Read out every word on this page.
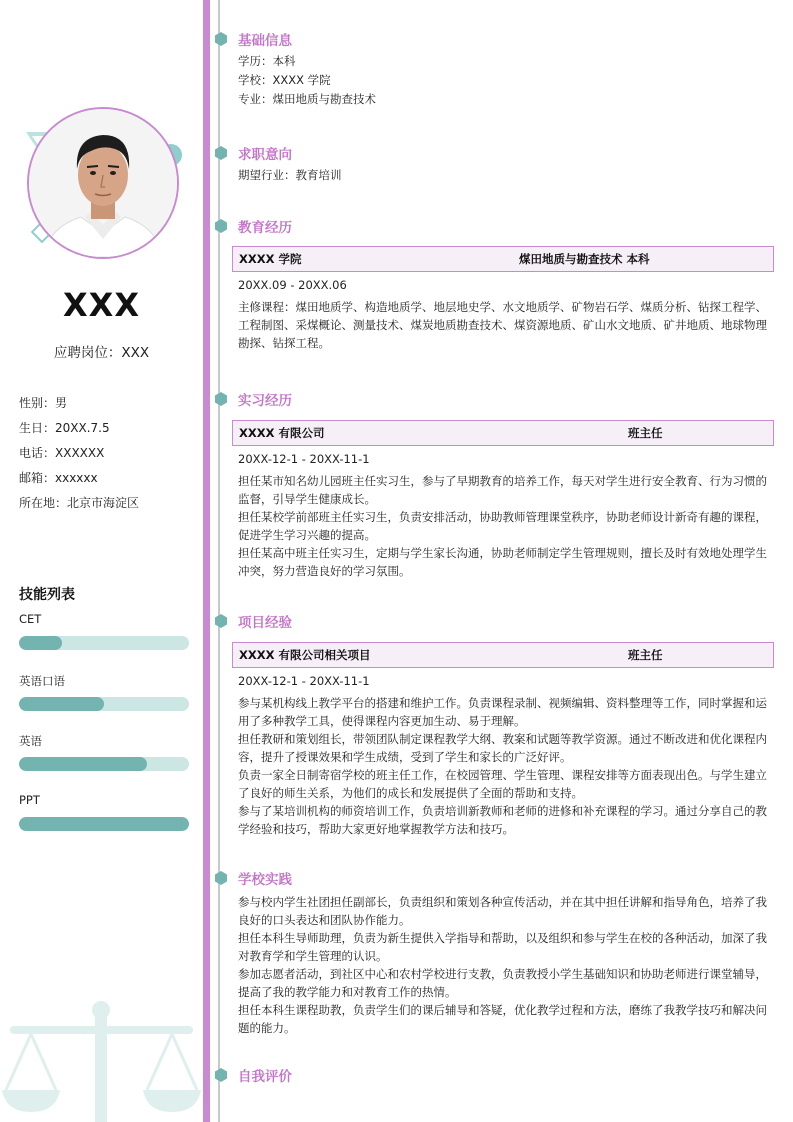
XXX
应聘岗位：XXX
性别：男
生日：20XX.7.5
电话：XXXXXX
邮箱：xxxxxx
所在地：北京市海淀区
技能列表
CET
英语口语
英语
PPT
基础信息
学历：本科
学校：XXXX 学院
专业：煤田地质与勘查技术
求职意向
期望行业：教育培训
教育经历
XXXX 学院	煤田地质与勘查技术 本科
20XX.09 - 20XX.06
主修课程：煤田地质学、构造地质学、地层地史学、水文地质学、矿物岩石学、煤质分析、钻探工程学、工程制图、采煤概论、测量技术、煤炭地质勘查技术、煤资源地质、矿山水文地质、矿井地质、地球物理勘探、钻探工程。
实习经历
XXXX 有限公司	班主任
20XX-12-1 - 20XX-11-1
担任某市知名幼儿园班主任实习生，参与了早期教育的培养工作，每天对学生进行安全教育、行为习惯的监督，引导学生健康成长。
担任某校学前部班主任实习生，负责安排活动，协助教师管理课堂秩序，协助老师设计新奇有趣的课程，促进学生学习兴趣的提高。
担任某高中班主任实习生，定期与学生家长沟通，协助老师制定学生管理规则，擅长及时有效地处理学生冲突，努力营造良好的学习氛围。
项目经验
XXXX 有限公司相关项目	班主任
20XX-12-1 - 20XX-11-1
参与某机构线上教学平台的搭建和维护工作。负责课程录制、视频编辑、资料整理等工作，同时掌握和运用了多种教学工具，使得课程内容更加生动、易于理解。
担任教研和策划组长，带领团队制定课程教学大纲、教案和试题等教学资源。通过不断改进和优化课程内容，提升了授课效果和学生成绩，受到了学生和家长的广泛好评。
负责一家全日制寄宿学校的班主任工作，在校园管理、学生管理、课程安排等方面表现出色。与学生建立了良好的师生关系，为他们的成长和发展提供了全面的帮助和支持。
参与了某培训机构的师资培训工作，负责培训新教师和老师的进修和补充课程的学习。通过分享自己的教学经验和技巧，帮助大家更好地掌握教学方法和技巧。
学校实践
参与校内学生社团担任副部长，负责组织和策划各种宣传活动，并在其中担任讲解和指导角色，培养了我良好的口头表达和团队协作能力。
担任本科生导师助理，负责为新生提供入学指导和帮助，以及组织和参与学生在校的各种活动，加深了我对教育学和学生管理的认识。
参加志愿者活动，到社区中心和农村学校进行支教，负责教授小学生基础知识和协助老师进行课堂辅导，提高了我的教学能力和对教育工作的热情。
担任本科生课程助教，负责学生们的课后辅导和答疑，优化教学过程和方法，磨练了我教学技巧和解决问题的能力。
自我评价
